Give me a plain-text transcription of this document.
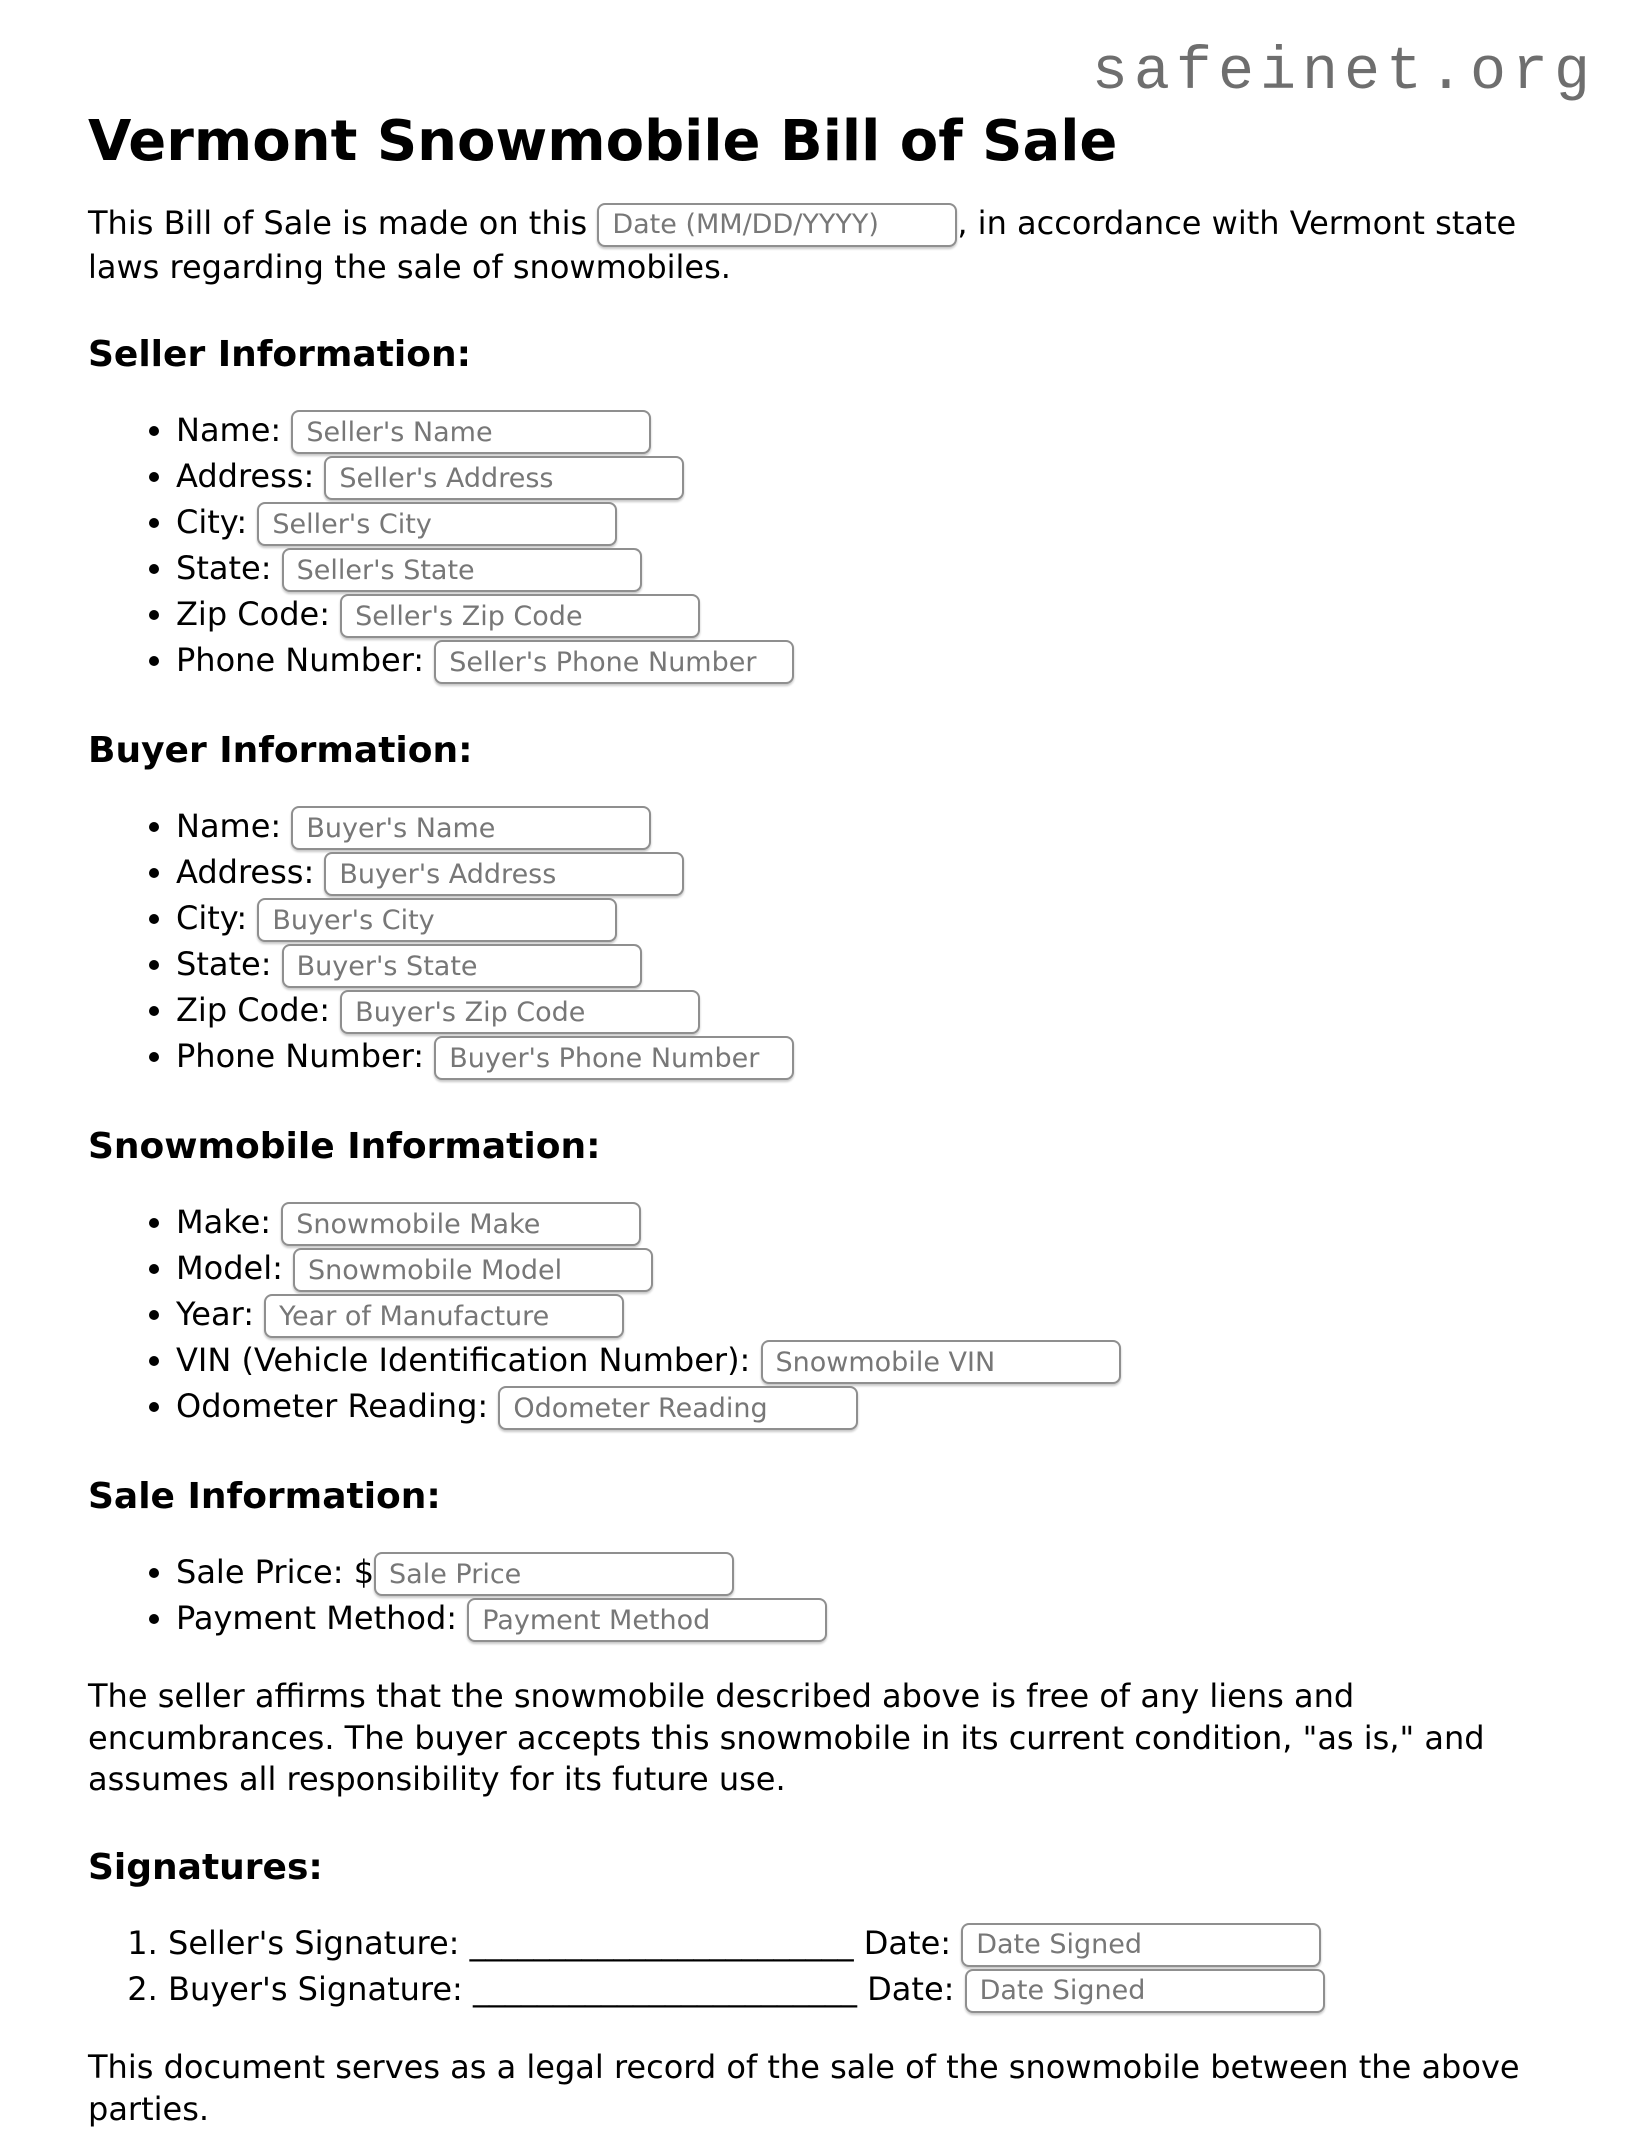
safeinet.org
Vermont Snowmobile Bill of Sale

This Bill of Sale is made on this Date (MM/DD/YYYY)	, in accordance with Vermont state laws regarding the sale of snowmobiles.

Seller Information:
• Name: Seller's Name
• Address: Seller's Address
• City: Seller's City
• State: Seller's State
• Zip Code: Seller's Zip Code
• Phone Number: Seller's Phone Number
Buyer Information:
• Name: Buyer's Name
• Address: Buyer's Address
• City: Buyer's City
• State: Buyer's State
• Zip Code: Buyer's Zip Code
• Phone Number: Buyer's Phone Number
Snowmobile Information:
• Make: Snowmobile Make
• Model: Snowmobile Model
• Year: Year of Manufacture
• VIN (Vehicle Identification Number): Snowmobile VIN
• Odometer Reading: Odometer Reading
Sale Information:
• Sale Price: $Sale Price
• Payment Method: Payment Method

The seller affirms that the snowmobile described above is free of any liens and encumbrances. The buyer accepts this snowmobile in its current condition, "as is," and assumes all responsibility for its future use.

Signatures:
1. Seller's Signature: ________________________ Date: Date Signed
2. Buyer's Signature: ________________________ Date: Date Signed

This document serves as a legal record of the sale of the snowmobile between the above parties.
